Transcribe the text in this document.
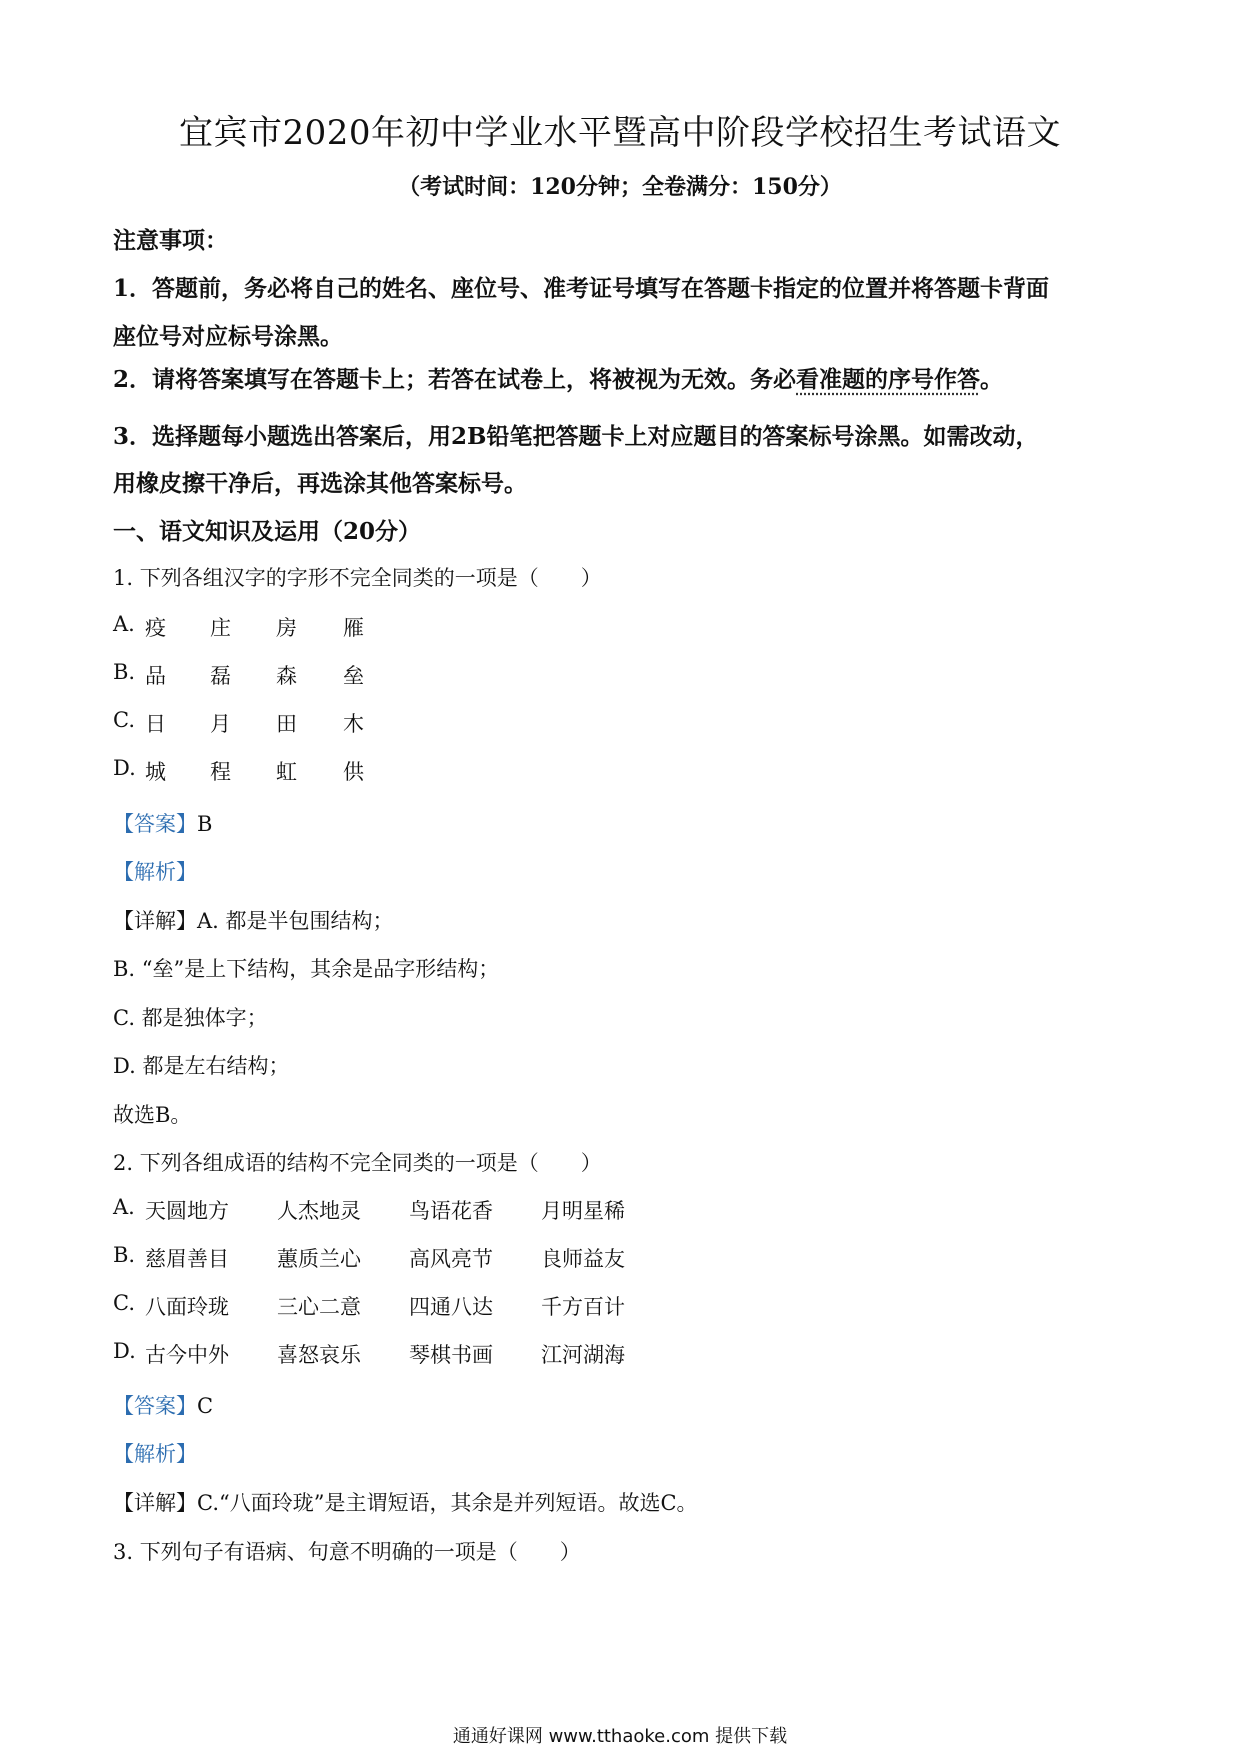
宜宾市2020年初中学业水平暨高中阶段学校招生考试语文
（考试时间：120分钟；全卷满分：150分）
注意事项：
1．答题前，务必将自己的姓名、座位号、准考证号填写在答题卡指定的位置并将答题卡背面
座位号对应标号涂黑。
2．请将答案填写在答题卡上；若答在试卷上，将被视为无效。务必看准题的序号作答。
3．选择题每小题选出答案后，用2B铅笔把答题卡上对应题目的答案标号涂黑。如需改动，
用橡皮擦干净后，再选涂其他答案标号。
一、语文知识及运用（20分）
1. 下列各组汉字的字形不完全同类的一项是（　　）
A. 疫 庄 房 雁
B. 品 磊 森 垒
C. 日 月 田 木
D. 城 程 虹 供
【答案】B
【解析】
【详解】A. 都是半包围结构；
B. “垒”是上下结构，其余是品字形结构；
C. 都是独体字；
D. 都是左右结构；
故选B。
2. 下列各组成语的结构不完全同类的一项是（　　）
A. 天圆地方 人杰地灵 鸟语花香 月明星稀
B. 慈眉善目 蕙质兰心 高风亮节 良师益友
C. 八面玲珑 三心二意 四通八达 千方百计
D. 古今中外 喜怒哀乐 琴棋书画 江河湖海
【答案】C
【解析】
【详解】C.“八面玲珑”是主谓短语，其余是并列短语。故选C。
3. 下列句子有语病、句意不明确的一项是（　　）
通通好课网 www.tthaoke.com 提供下载
